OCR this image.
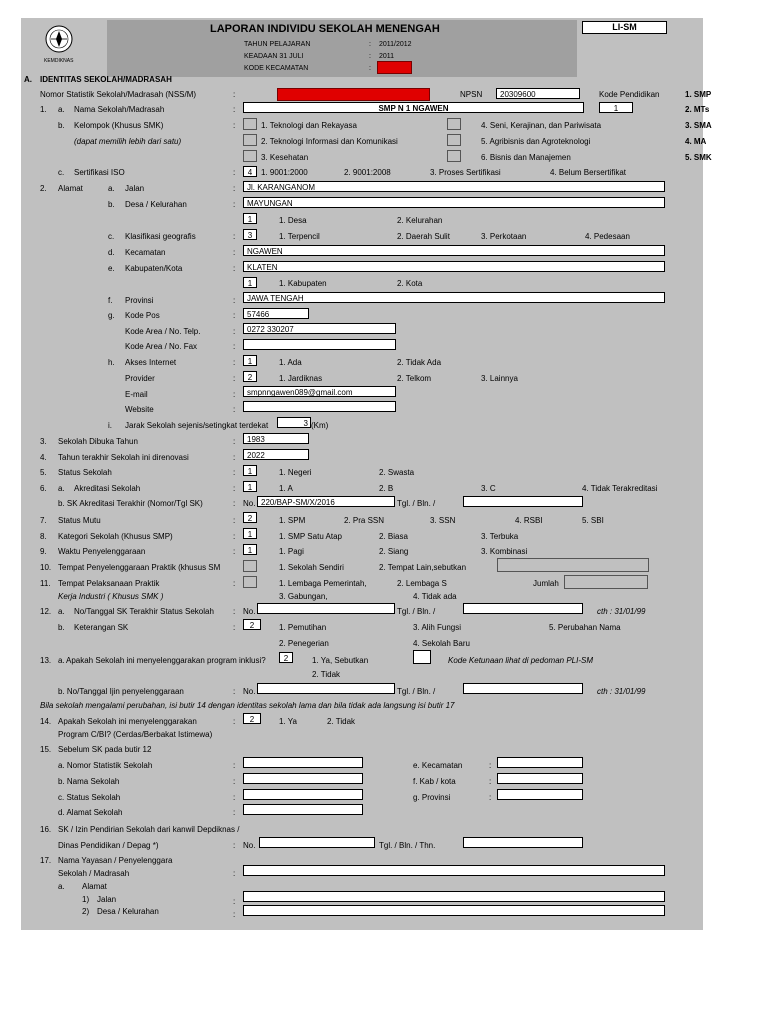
KEMDIKNAS
LAPORAN INDIVIDU SEKOLAH MENENGAH	LI-SM
TAHUN PELAJARAN	: 2011/2012
KEADAAN 31 JULI	: 2011
KODE KECAMATAN	:
A. IDENTITAS SEKOLAH/MADRASAH
Nomor Statistik Sekolah/Madrasah (NSS/M)	:	NPSN	20309600	Kode Pendidikan
1
1. SMP
2. MTs
3. SMA
4. MA
5. SMK
1. a. Nama Sekolah/Madrasah	:	SMP N 1 NGAWEN
b. Kelompok (Khusus SMK)
(dapat memilih lebih dari satu)
:	1. Teknologi dan Rekayasa
2. Teknologi Informasi dan Komunikasi
3. Kesehatan
4. Seni, Kerajinan, dan Pariwisata
5. Agribisnis dan Agroteknologi
6. Bisnis dan Manajemen
c. Sertifikasi ISO	:	4	1. 9001:2000	2. 9001:2008	3. Proses Sertifikasi	4. Belum Bersertifikat
2. Alamat	a. Jalan	:	Jl. KARANGANOM
b. Desa / Kelurahan	:	MAYUNGAN
1	1. Desa	2. Kelurahan
c. Klasifikasi geografis	:	3	1. Terpencil	2. Daerah Sulit	3. Perkotaan	4. Pedesaan
d. Kecamatan	:	NGAWEN
e. Kabupaten/Kota	:	KLATEN
1	1. Kabupaten	2. Kota
f. Provinsi	:	JAWA TENGAH
g. Kode Pos	:	57466
Kode Area / No. Telp.	:	0272 330207
Kode Area / No. Fax	:
h. Akses Internet	:	1	1. Ada	2. Tidak Ada
Provider	:	2	1. Jardiknas	2. Telkom	3. Lainnya
E-mail	:	smpnngawen089@gmail.com
Website	:
i. Jarak Sekolah sejenis/setingkat terdekat	3 (Km)
3. Sekolah Dibuka Tahun	:	1983
4. Tahun terakhir Sekolah ini direnovasi	:	2022
5. Status Sekolah	:	1	1. Negeri	2. Swasta
6. a. Akreditasi Sekolah	:	1	1. A	2. B	3. C	4. Tidak Terakreditasi
b. SK Akreditasi Terakhir (Nomor/Tgl SK)	: No. 220/BAP-SM/X/2016	Tgl. / Bln. /
7. Status Mutu	:	2	1. SPM	2. Pra SSN	3. SSN	4. RSBI	5. SBI
8. Kategori Sekolah (Khusus SMP)	:	1	1. SMP Satu Atap	2. Biasa	3. Terbuka
9. Waktu Penyelenggaraan	:	1	1. Pagi	2. Siang	3. Kombinasi
10. Tempat Penyelenggaraan Praktik (khusus SM	1. Sekolah Sendiri	2. Tempat Lain,sebutkan
11. Tempat Pelaksanaan Praktik
Kerja Industri ( Khusus SMK )
:	1. Lembaga Pemerintah,	2. Lembaga S
3. Gabungan,	4. Tidak ada
Jumlah
12. a. No/Tanggal SK Terakhir Status Sekolah : No.	Tgl. / Bln. /	cth : 31/01/99
b. Keterangan SK	:	2	1. Pemutihan	3. Alih Fungsi	5. Perubahan Nama
2. Penegerian	4. Sekolah Baru
13. a. Apakah Sekolah ini menyelenggarakan program inklusi?	2	1. Ya, Sebutkan	Kode Ketunaan lihat di pedoman PLI-SM
2. Tidak
b. No/Tanggal Ijin penyelenggaraan	: No.	Tgl. / Bln. /	cth : 31/01/99
Bila sekolah mengalami perubahan, isi butir 14 dengan identitas sekolah lama dan bila tidak ada langsung isi butir 17
14. Apakah Sekolah ini menyelenggarakan
Program C/BI? (Cerdas/Berbakat Istimewa)
:	2	1. Ya	2. Tidak
15. Sebelum SK pada butir 12
a. Nomor Statistik Sekolah	:
b. Nama Sekolah	:
c. Status Sekolah	:
d. Alamat Sekolah	:
e. Kecamatan	:
f. Kab / kota	:
g. Provinsi	:
16. SK / Izin Pendirian Sekolah dari kanwil Depdiknas /
Dinas Pendidikan / Depag *)	: No.	Tgl. / Bln. / Thn.
17. Nama Yayasan / Penyelenggara
Sekolah / Madrasah	:
a. Alamat
1) Jalan	:
2) Desa / Kelurahan	:
